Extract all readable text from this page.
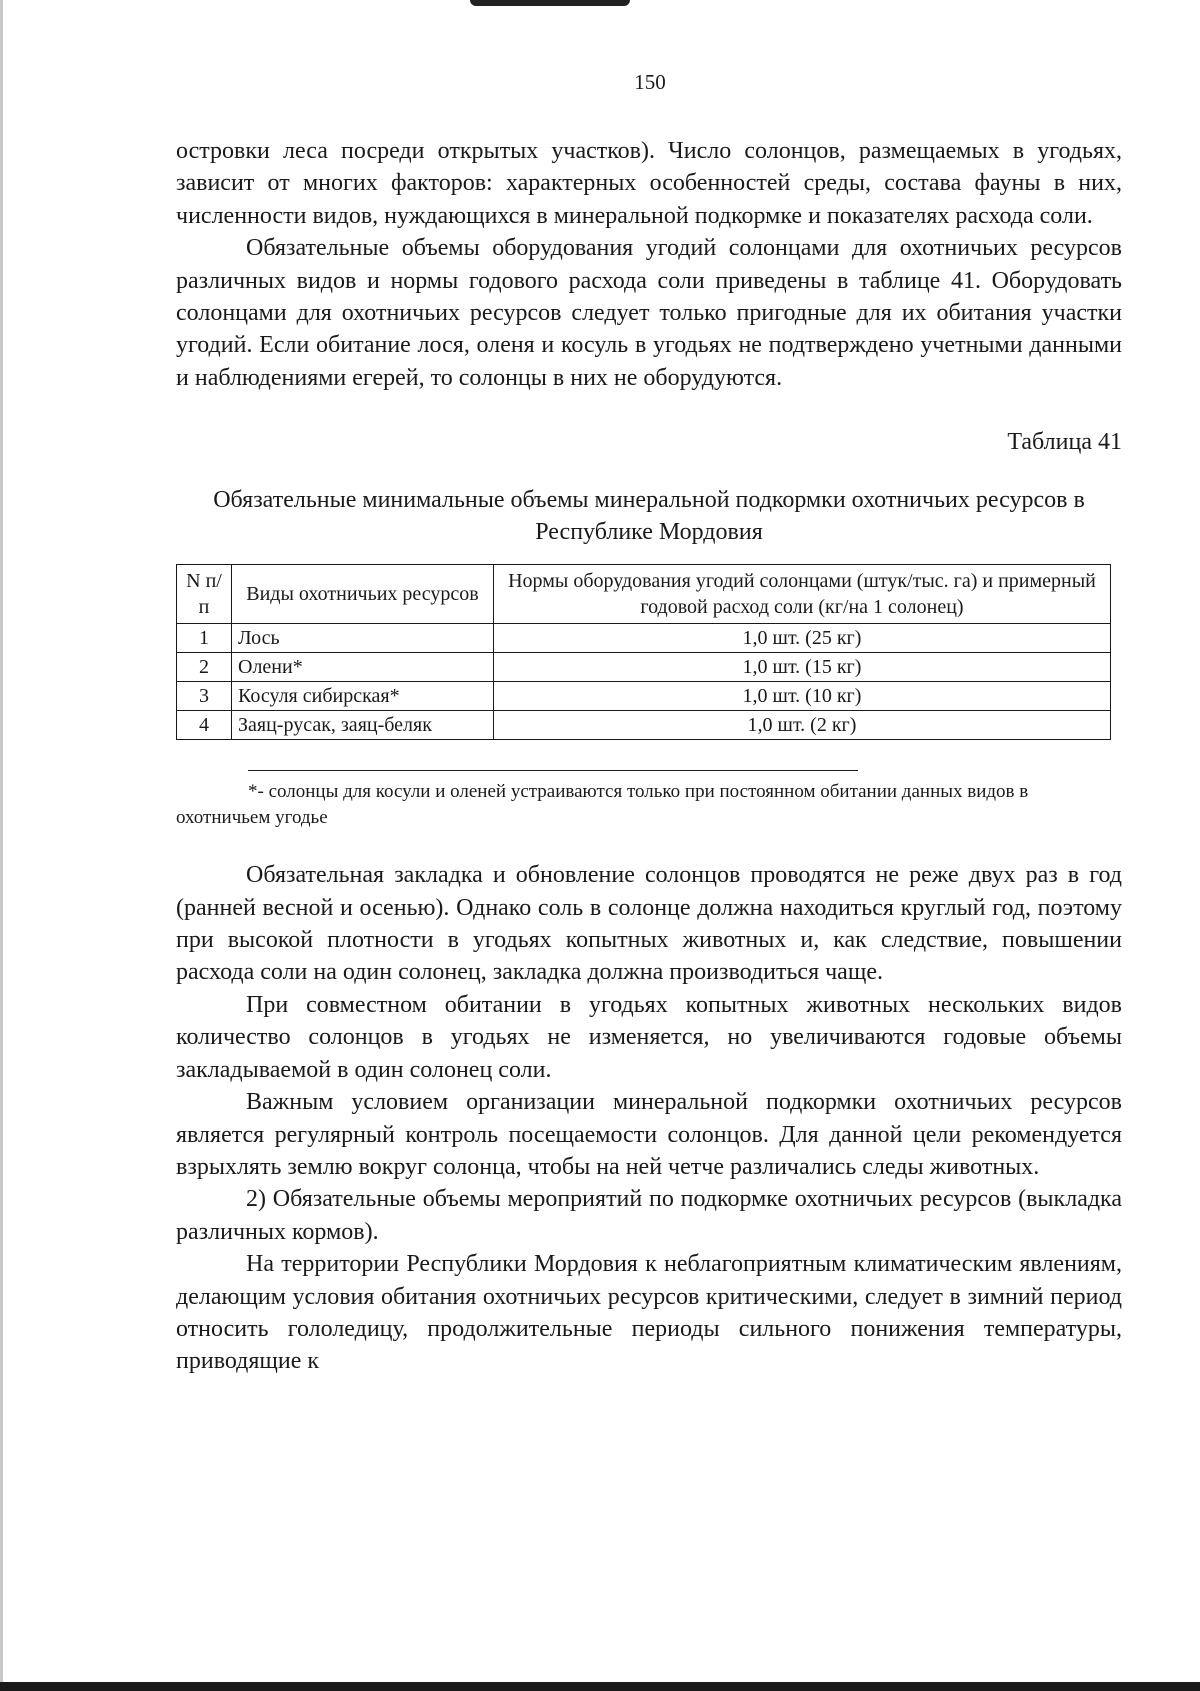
150

островки леса посреди открытых участков). Число солонцов, размещаемых в угодьях, зависит от многих факторов: характерных особенностей среды, состава фауны в них, численности видов, нуждающихся в минеральной подкормке и показателях расхода соли.

Обязательные объемы оборудования угодий солонцами для охотничьих ресурсов различных видов и нормы годового расхода соли приведены в таблице 41. Оборудовать солонцами для охотничьих ресурсов следует только пригодные для их обитания участки угодий. Если обитание лося, оленя и косуль в угодьях не подтверждено учетными данными и наблюдениями егерей, то солонцы в них не оборудуются.

Таблица 41

Обязательные минимальные объемы минеральной подкормки охотничьих ресурсов в Республике Мордовия

N п/п	Виды охотничьих ресурсов	Нормы оборудования угодий солонцами (штук/тыс. га) и примерный годовой расход соли (кг/на 1 солонец)
1	Лось	1,0 шт. (25 кг)
2	Олени*	1,0 шт. (15 кг)
3	Косуля сибирская*	1,0 шт. (10 кг)
4	Заяц-русак, заяц-беляк	1,0 шт. (2 кг)

*- солонцы для косули и оленей устраиваются только при постоянном обитании данных видов в охотничьем угодье

Обязательная закладка и обновление солонцов проводятся не реже двух раз в год (ранней весной и осенью). Однако соль в солонце должна находиться круглый год, поэтому при высокой плотности в угодьях копытных животных и, как следствие, повышении расхода соли на один солонец, закладка должна производиться чаще.

При совместном обитании в угодьях копытных животных нескольких видов количество солонцов в угодьях не изменяется, но увеличиваются годовые объемы закладываемой в один солонец соли.

Важным условием организации минеральной подкормки охотничьих ресурсов является регулярный контроль посещаемости солонцов. Для данной цели рекомендуется взрыхлять землю вокруг солонца, чтобы на ней четче различались следы животных.

2) Обязательные объемы мероприятий по подкормке охотничьих ресурсов (выкладка различных кормов).

На территории Республики Мордовия к неблагоприятным климатическим явлениям, делающим условия обитания охотничьих ресурсов критическими, следует в зимний период относить гололедицу, продолжительные периоды сильного понижения температуры, приводящие к
